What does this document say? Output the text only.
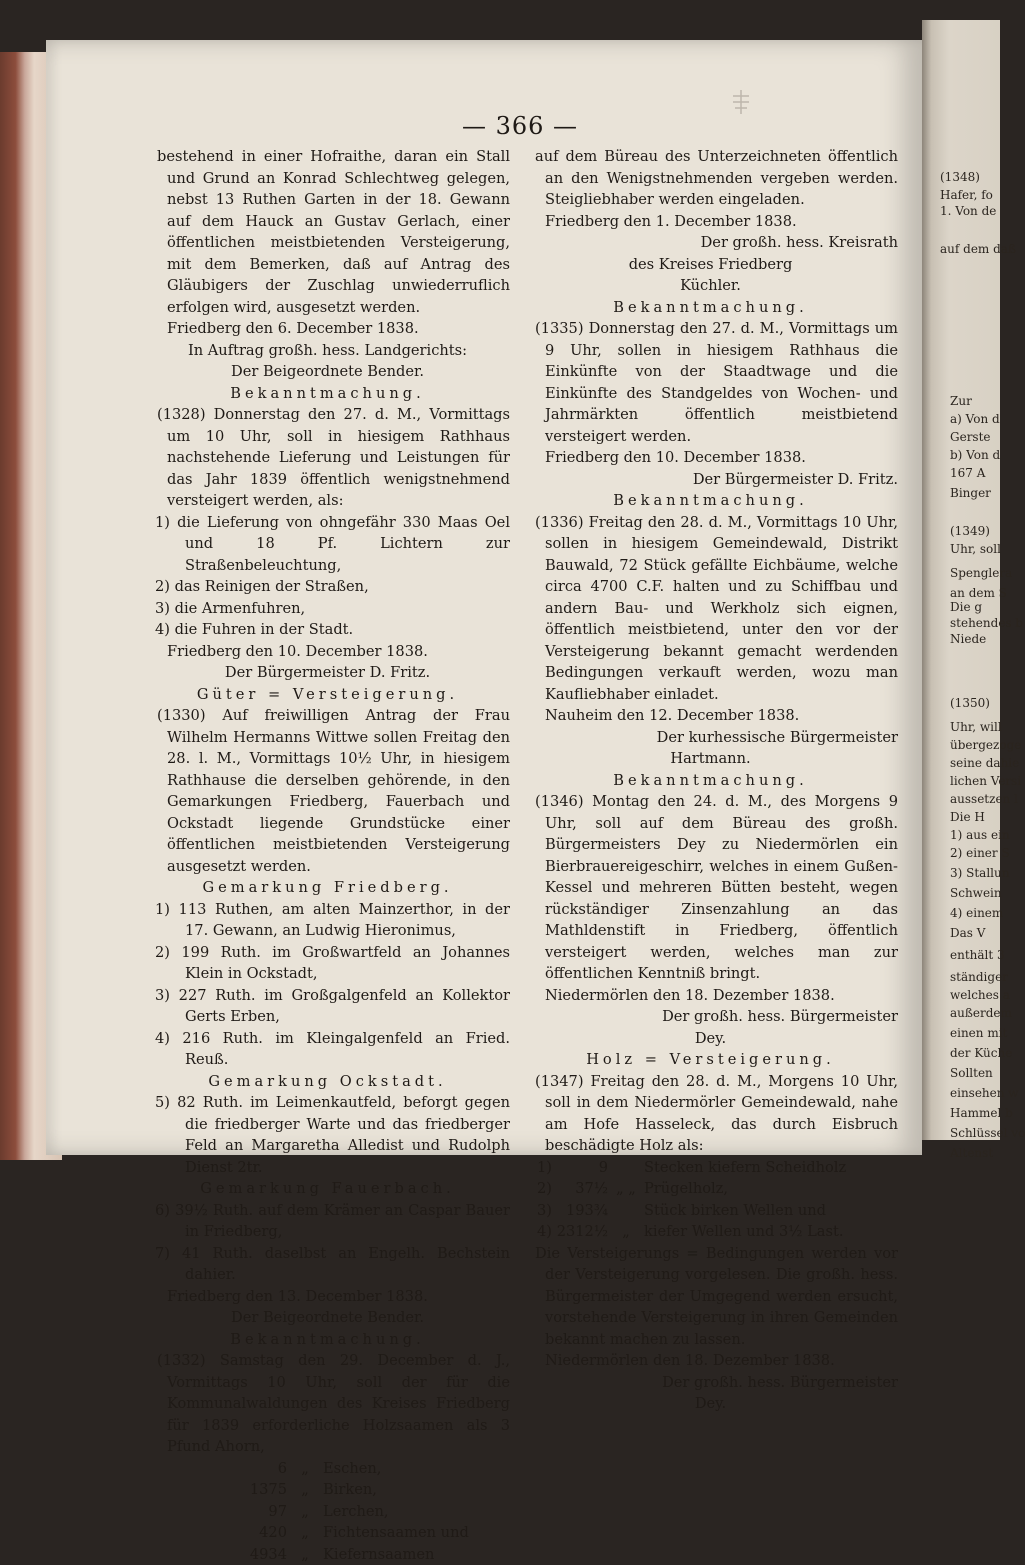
— 366 —

bestehend in einer Hofraithe, daran ein Stall und Grund an Konrad Schlechtweg gelegen, nebst 13 Ruthen Garten in der 18. Gewann auf dem Hauck an Gustav Gerlach, einer öffentlichen meistbietenden Versteigerung, mit dem Bemerken, daß auf Antrag des Gläubigers der Zuschlag unwiederruflich erfolgen wird, ausgesetzt werden.

Friedberg den 6. December 1838.

In Auftrag großh. hess. Landgerichts:

Der Beigeordnete Bender.

Bekanntmachung.

(1328) Donnerstag den 27. d. M., Vormittags um 10 Uhr, soll in hiesigem Rathhaus nachstehende Lieferung und Leistungen für das Jahr 1839 öffentlich wenigstnehmend versteigert werden, als:

1) die Lieferung von ohngefähr 330 Maas Oel und 18 Pf. Lichtern zur Straßenbeleuchtung,

2) das Reinigen der Straßen,

3) die Armenfuhren,

4) die Fuhren in der Stadt.

Friedberg den 10. December 1838.

Der Bürgermeister D. Fritz.

Güter = Versteigerung.

(1330) Auf freiwilligen Antrag der Frau Wilhelm Hermanns Wittwe sollen Freitag den 28. l. M., Vormittags 10½ Uhr, in hiesigem Rathhause die derselben gehörende, in den Gemarkungen Friedberg, Fauerbach und Ockstadt liegende Grundstücke einer öffentlichen meistbietenden Versteigerung ausgesetzt werden.

Gemarkung Friedberg.

1) 113 Ruthen, am alten Mainzerthor, in der 17. Gewann, an Ludwig Hieronimus,

2) 199 Ruth. im Großwartfeld an Johannes Klein in Ockstadt,

3) 227 Ruth. im Großgalgenfeld an Kollektor Gerts Erben,

4) 216 Ruth. im Kleingalgenfeld an Fried. Reuß.

Gemarkung Ockstadt.

5) 82 Ruth. im Leimenkautfeld, beforgt gegen die friedberger Warte und das friedberger Feld an Margaretha Alledist und Rudolph Dienst 2tr.

Gemarkung Fauerbach.

6) 39½ Ruth. auf dem Krämer an Caspar Bauer in Friedberg,

7) 41 Ruth. daselbst an Engelh. Bechstein dahier.

Friedberg den 13. December 1838.

Der Beigeordnete Bender.

Bekanntmachung.

(1332) Samstag den 29. December d. J., Vormittags 10 Uhr, soll der für die Kommunalwaldungen des Kreises Friedberg für 1839 erforderliche Holzsaamen als 3 Pfund Ahorn,

6	„	Eschen,
1375	„	Birken,
97	„	Lerchen,
420	„	Fichtensaamen und
4934	„	Kiefernsaamen

auf dem Büreau des Unterzeichneten öffentlich an den Wenigstnehmenden vergeben werden. Steigliebhaber werden eingeladen.

Friedberg den 1. December 1838.

Der großh. hess. Kreisrath

des Kreises Friedberg

Küchler.

Bekanntmachung.

(1335) Donnerstag den 27. d. M., Vormittags um 9 Uhr, sollen in hiesigem Rathhaus die Einkünfte von der Staadtwage und die Einkünfte des Standgeldes von Wochen- und Jahrmärkten öffentlich meistbietend versteigert werden.

Friedberg den 10. December 1838.

Der Bürgermeister D. Fritz.

Bekanntmachung.

(1336) Freitag den 28. d. M., Vormittags 10 Uhr, sollen in hiesigem Gemeindewald, Distrikt Bauwald, 72 Stück gefällte Eichbäume, welche circa 4700 C.F. halten und zu Schiffbau und andern Bau- und Werkholz sich eignen, öffentlich meistbietend, unter den vor der Versteigerung bekannt gemacht werdenden Bedingungen verkauft werden, wozu man Kaufliebhaber einladet.

Nauheim den 12. December 1838.

Der kurhessische Bürgermeister

Hartmann.

Bekanntmachung.

(1346) Montag den 24. d. M., des Morgens 9 Uhr, soll auf dem Büreau des großh. Bürgermeisters Dey zu Niedermörlen ein Bierbrauereigeschirr, welches in einem Gußen-Kessel und mehreren Bütten besteht, wegen rückständiger Zinsenzahlung an das Mathldenstift in Friedberg, öffentlich versteigert werden, welches man zur öffentlichen Kenntniß bringt.

Niedermörlen den 18. Dezember 1838.

Der großh. hess. Bürgermeister

Dey.

Holz = Versteigerung.

(1347) Freitag den 28. d. M., Morgens 10 Uhr, soll in dem Niedermörler Gemeindewald, nahe am Hofe Hasseleck, das durch Eisbruch beschädigte Holz als:

1)	9		Stecken kiefern Scheidholz
2)	37½	„ „	Prügelholz,
3)	193¾		Stück birken Wellen und
4)	2312½	„	kiefer Wellen und 3½ Last.

Die Versteigerungs = Bedingungen werden vor der Versteigerung vorgelesen. Die großh. hess. Bürgermeister der Umgegend werden ersucht, vorstehende Versteigerung in ihren Gemeinden bekannt machen zu lassen.

Niedermörlen den 18. Dezember 1838.

Der großh. hess. Bürgermeister

Dey.

(1348)
Hafer, fo
1. Von de
auf dem daß
Zur
a) Von d
Gerste
b) Von d
167 A
Binger
(1349)
Uhr, soll
Spenglera
an dem S
Die g
stehendes b
Niede
(1350)
Uhr, will
übergezoge
seine dahie
lichen Versi
aussetzen l
Die H
1) aus ein
2) einer S
3) Stallun
Schwein
4) einem
Das V
enthält 3
ständiger
welches a
außerdem
einen mit
der Küche
Sollten
einsehen w
Hammel b
Schlüssel vo
Altenst
